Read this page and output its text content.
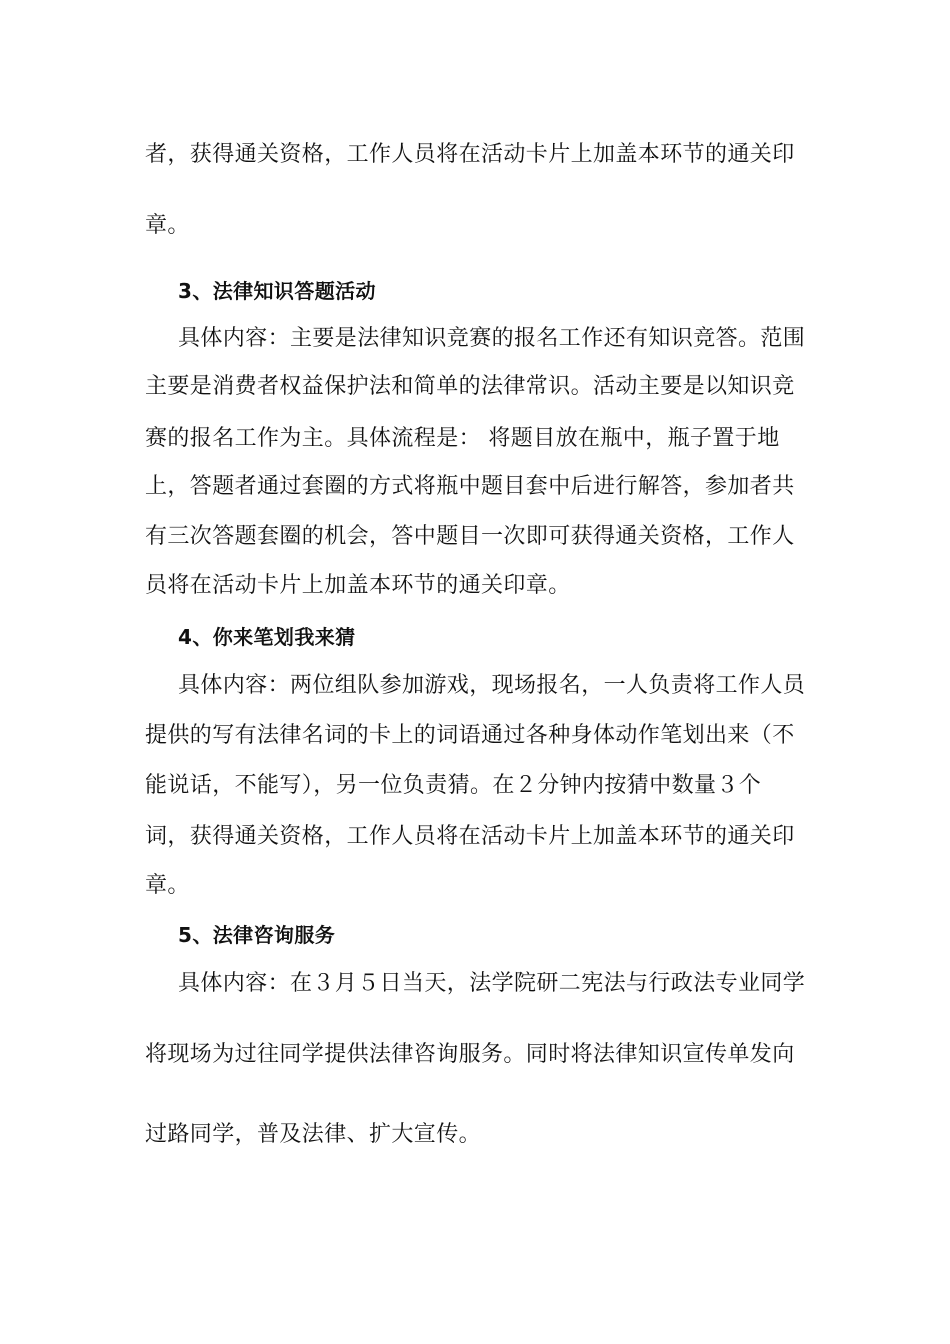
者，获得通关资格，工作人员将在活动卡片上加盖本环节的通关印
章。
3、法律知识答题活动
具体内容：主要是法律知识竞赛的报名工作还有知识竞答。范围
主要是消费者权益保护法和简单的法律常识。活动主要是以知识竞
赛的报名工作为主。具体流程是： 将题目放在瓶中，瓶子置于地
上，答题者通过套圈的方式将瓶中题目套中后进行解答，参加者共
有三次答题套圈的机会，答中题目一次即可获得通关资格，工作人
员将在活动卡片上加盖本环节的通关印章。
4、你来笔划我来猜
具体内容：两位组队参加游戏，现场报名，一人负责将工作人员
提供的写有法律名词的卡上的词语通过各种身体动作笔划出来（不
能说话，不能写），另一位负责猜。在２分钟内按猜中数量３个
词，获得通关资格，工作人员将在活动卡片上加盖本环节的通关印
章。
5、法律咨询服务
具体内容：在３月５日当天，法学院研二宪法与行政法专业同学
将现场为过往同学提供法律咨询服务。同时将法律知识宣传单发向
过路同学，普及法律、扩大宣传。
